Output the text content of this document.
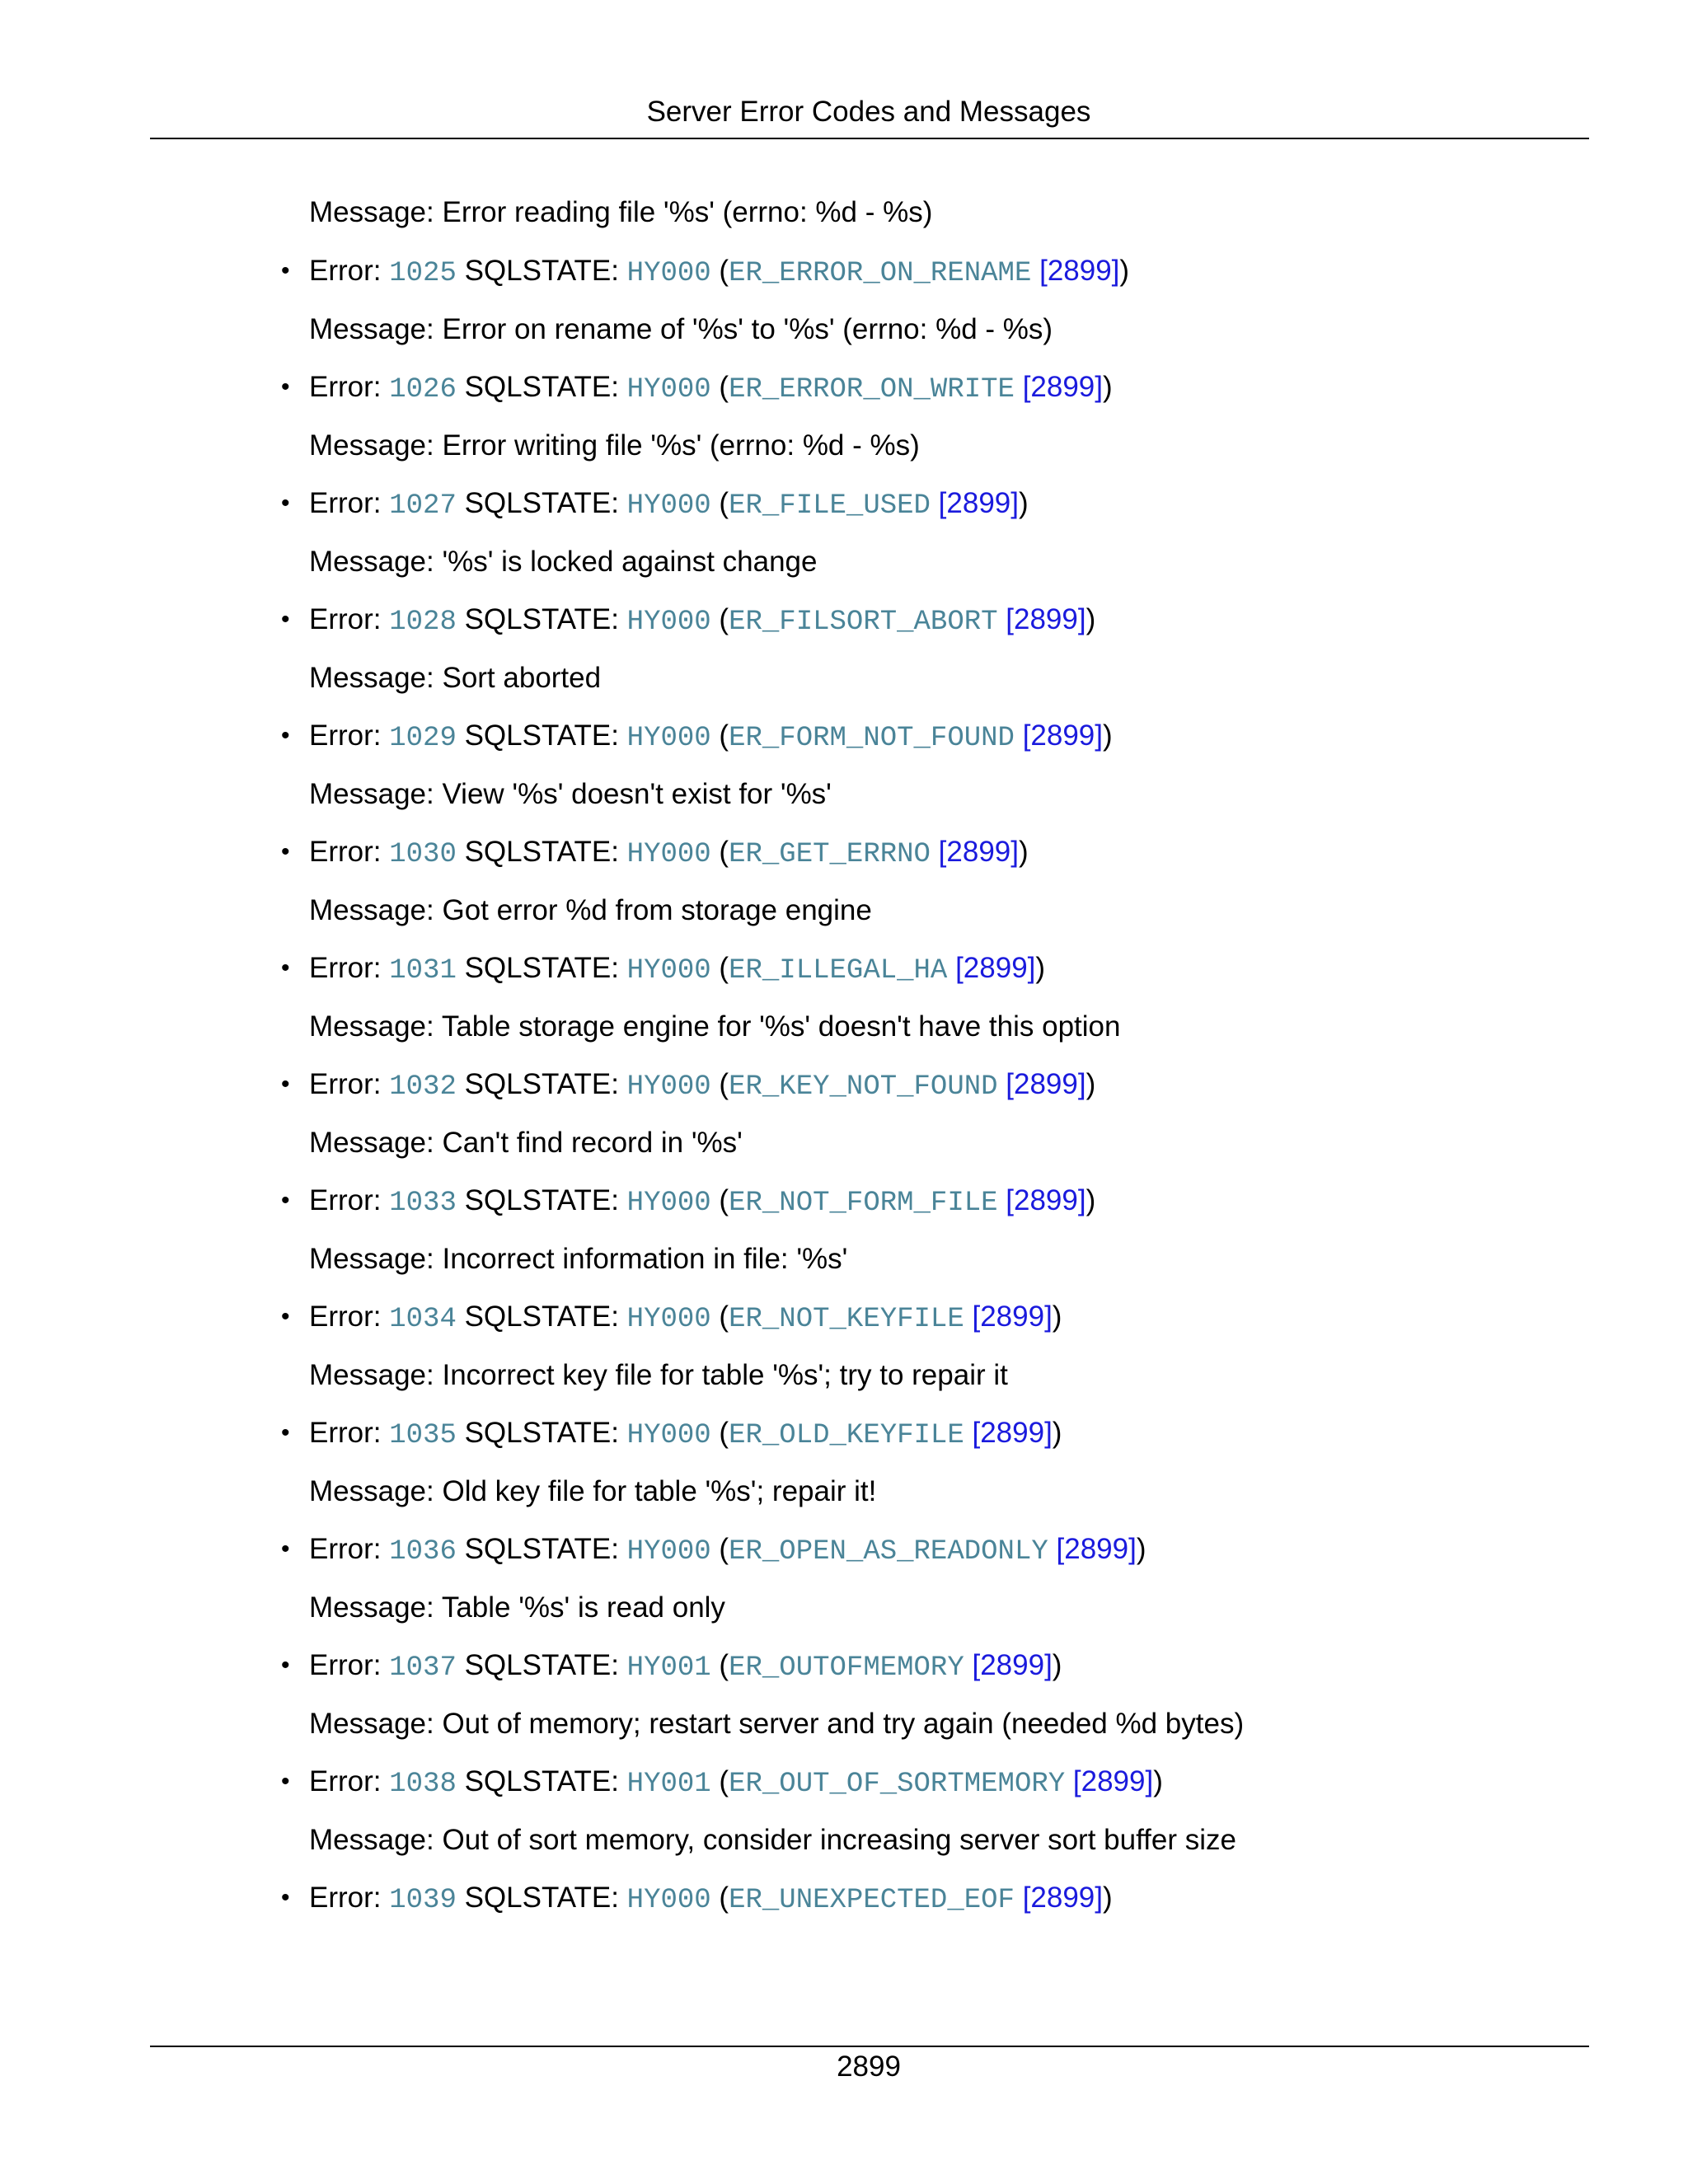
Server Error Codes and Messages
Message: Error reading file '%s' (errno: %d - %s)
• Error: 1025 SQLSTATE: HY000 (ER_ERROR_ON_RENAME [2899])
Message: Error on rename of '%s' to '%s' (errno: %d - %s)
• Error: 1026 SQLSTATE: HY000 (ER_ERROR_ON_WRITE [2899])
Message: Error writing file '%s' (errno: %d - %s)
• Error: 1027 SQLSTATE: HY000 (ER_FILE_USED [2899])
Message: '%s' is locked against change
• Error: 1028 SQLSTATE: HY000 (ER_FILSORT_ABORT [2899])
Message: Sort aborted
• Error: 1029 SQLSTATE: HY000 (ER_FORM_NOT_FOUND [2899])
Message: View '%s' doesn't exist for '%s'
• Error: 1030 SQLSTATE: HY000 (ER_GET_ERRNO [2899])
Message: Got error %d from storage engine
• Error: 1031 SQLSTATE: HY000 (ER_ILLEGAL_HA [2899])
Message: Table storage engine for '%s' doesn't have this option
• Error: 1032 SQLSTATE: HY000 (ER_KEY_NOT_FOUND [2899])
Message: Can't find record in '%s'
• Error: 1033 SQLSTATE: HY000 (ER_NOT_FORM_FILE [2899])
Message: Incorrect information in file: '%s'
• Error: 1034 SQLSTATE: HY000 (ER_NOT_KEYFILE [2899])
Message: Incorrect key file for table '%s'; try to repair it
• Error: 1035 SQLSTATE: HY000 (ER_OLD_KEYFILE [2899])
Message: Old key file for table '%s'; repair it!
• Error: 1036 SQLSTATE: HY000 (ER_OPEN_AS_READONLY [2899])
Message: Table '%s' is read only
• Error: 1037 SQLSTATE: HY001 (ER_OUTOFMEMORY [2899])
Message: Out of memory; restart server and try again (needed %d bytes)
• Error: 1038 SQLSTATE: HY001 (ER_OUT_OF_SORTMEMORY [2899])
Message: Out of sort memory, consider increasing server sort buffer size
• Error: 1039 SQLSTATE: HY000 (ER_UNEXPECTED_EOF [2899])
2899
